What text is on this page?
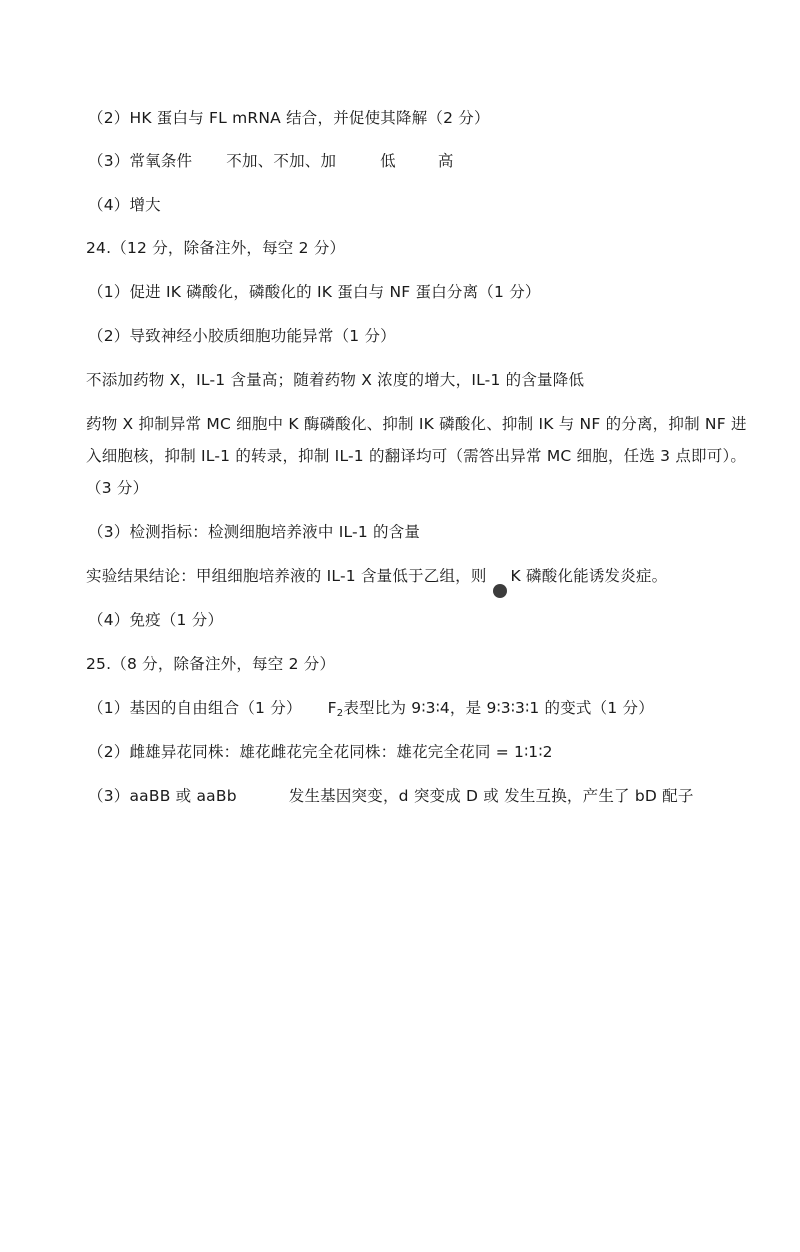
（2）HK 蛋白与 FL mRNA 结合，并促使其降解（2 分）
（3）常氧条件 不加、不加、加	低	高
（4）增大
24.（12 分，除备注外，每空 2 分）
（1）促进 IK 磷酸化，磷酸化的 IK 蛋白与 NF 蛋白分离（1 分）
（2）导致神经小胶质细胞功能异常（1 分）
不添加药物 X，IL-1 含量高；随着药物 X 浓度的增大，IL-1 的含量降低
药物 X 抑制异常 MC 细胞中 K 酶磷酸化、抑制 IK 磷酸化、抑制 IK 与 NF 的分离，抑制 NF 进
入细胞核，抑制 IL-1 的转录，抑制 IL-1 的翻译均可（需答出异常 MC 细胞，任选 3 点即可）。
（3 分）
（3）检测指标：检测细胞培养液中 IL-1 的含量
实验结果结论：甲组细胞培养液的 IL-1 含量低于乙组，则 K 磷酸化能诱发炎症。
（4）免疫（1 分）
25.（8 分，除备注外，每空 2 分）
（1）基因的自由组合（1 分） $F_2$表型比为 9∶3∶4，是 9∶3∶3∶1 的变式（1 分）
（2）雌雄异花同株：雄花雌花完全花同株：雄花完全花同 = 1∶1∶2
（3）aaBB 或 aaBb	发生基因突变，d 突变成 D 或 发生互换，产生了 bD 配子
